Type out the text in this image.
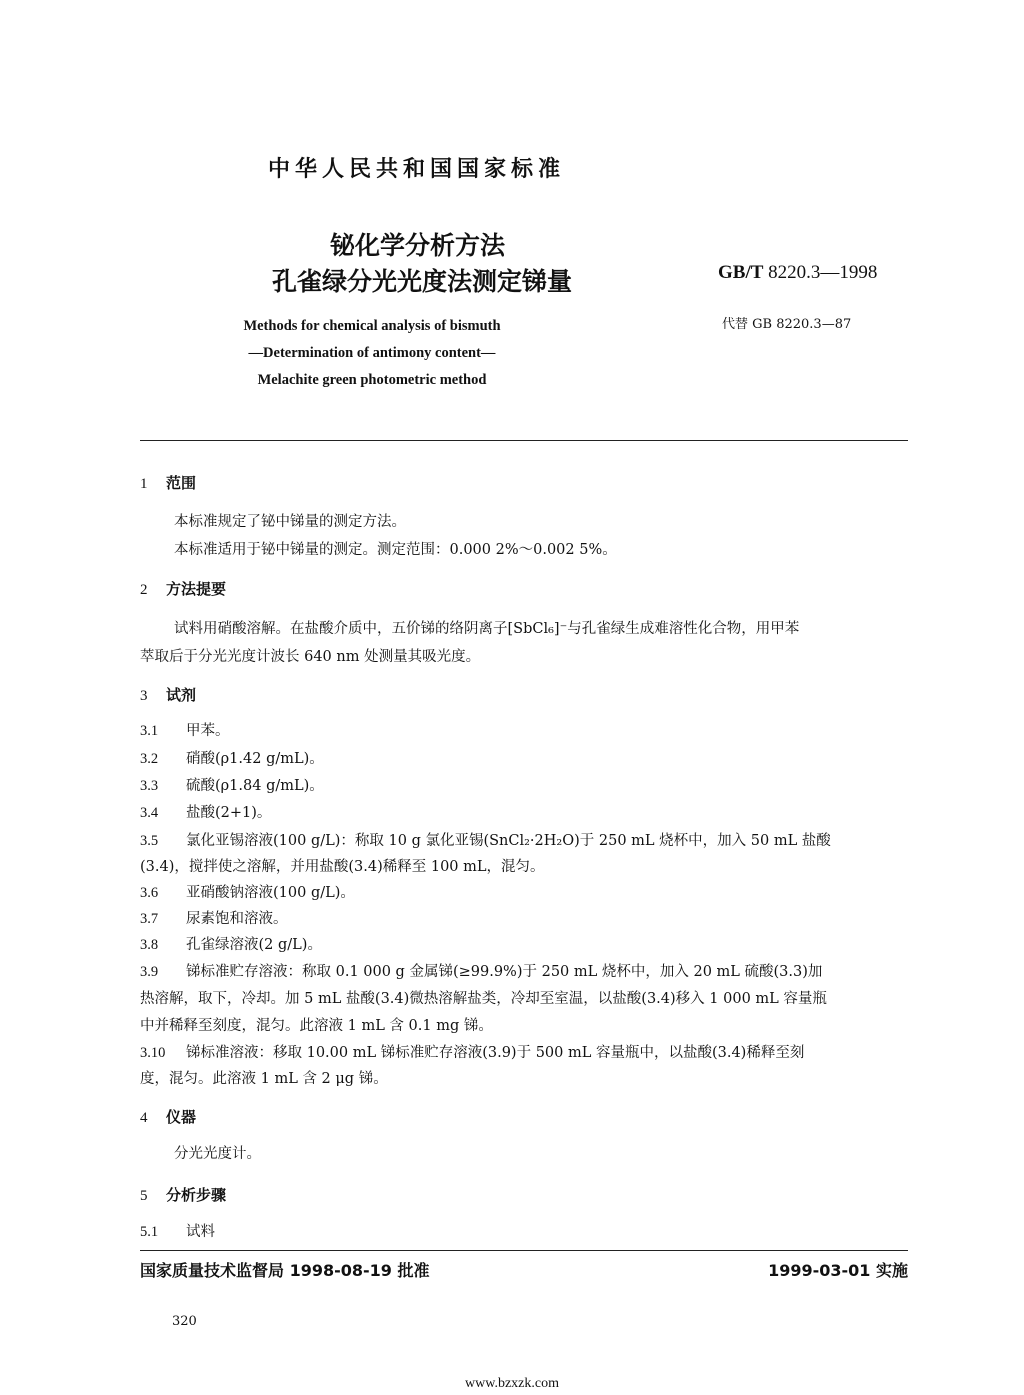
中华人民共和国国家标准
铋化学分析方法
孔雀绿分光光度法测定锑量	GB/T 8220.3—1998
代替 GB 8220.3—87
Methods for chemical analysis of bismuth
—Determination of antimony content—
Melachite green photometric method
1 范围
本标准规定了铋中锑量的测定方法。
本标准适用于铋中锑量的测定。测定范围：0.000 2%～0.002 5%。
2 方法提要
试料用硝酸溶解。在盐酸介质中，五价锑的络阴离子[SbCl₆]⁻与孔雀绿生成难溶性化合物，用甲苯
萃取后于分光光度计波长 640 nm 处测量其吸光度。
3 试剂
3.1 甲苯。
3.2 硝酸(ρ1.42 g/mL)。
3.3 硫酸(ρ1.84 g/mL)。
3.4 盐酸(2+1)。
3.5 氯化亚锡溶液(100 g/L)：称取 10 g 氯化亚锡(SnCl₂·2H₂O)于 250 mL 烧杯中，加入 50 mL 盐酸
(3.4)，搅拌使之溶解，并用盐酸(3.4)稀释至 100 mL，混匀。
3.6 亚硝酸钠溶液(100 g/L)。
3.7 尿素饱和溶液。
3.8 孔雀绿溶液(2 g/L)。
3.9 锑标准贮存溶液：称取 0.1 000 g 金属锑(≥99.9%)于 250 mL 烧杯中，加入 20 mL 硫酸(3.3)加
热溶解，取下，冷却。加 5 mL 盐酸(3.4)微热溶解盐类，冷却至室温，以盐酸(3.4)移入 1 000 mL 容量瓶
中并稀释至刻度，混匀。此溶液 1 mL 含 0.1 mg 锑。
3.10 锑标准溶液：移取 10.00 mL 锑标准贮存溶液(3.9)于 500 mL 容量瓶中，以盐酸(3.4)稀释至刻
度，混匀。此溶液 1 mL 含 2 μg 锑。
4 仪器
分光光度计。
5 分析步骤
5.1 试料
国家质量技术监督局 1998-08-19 批准	1999-03-01 实施
320
www.bzxzk.com
